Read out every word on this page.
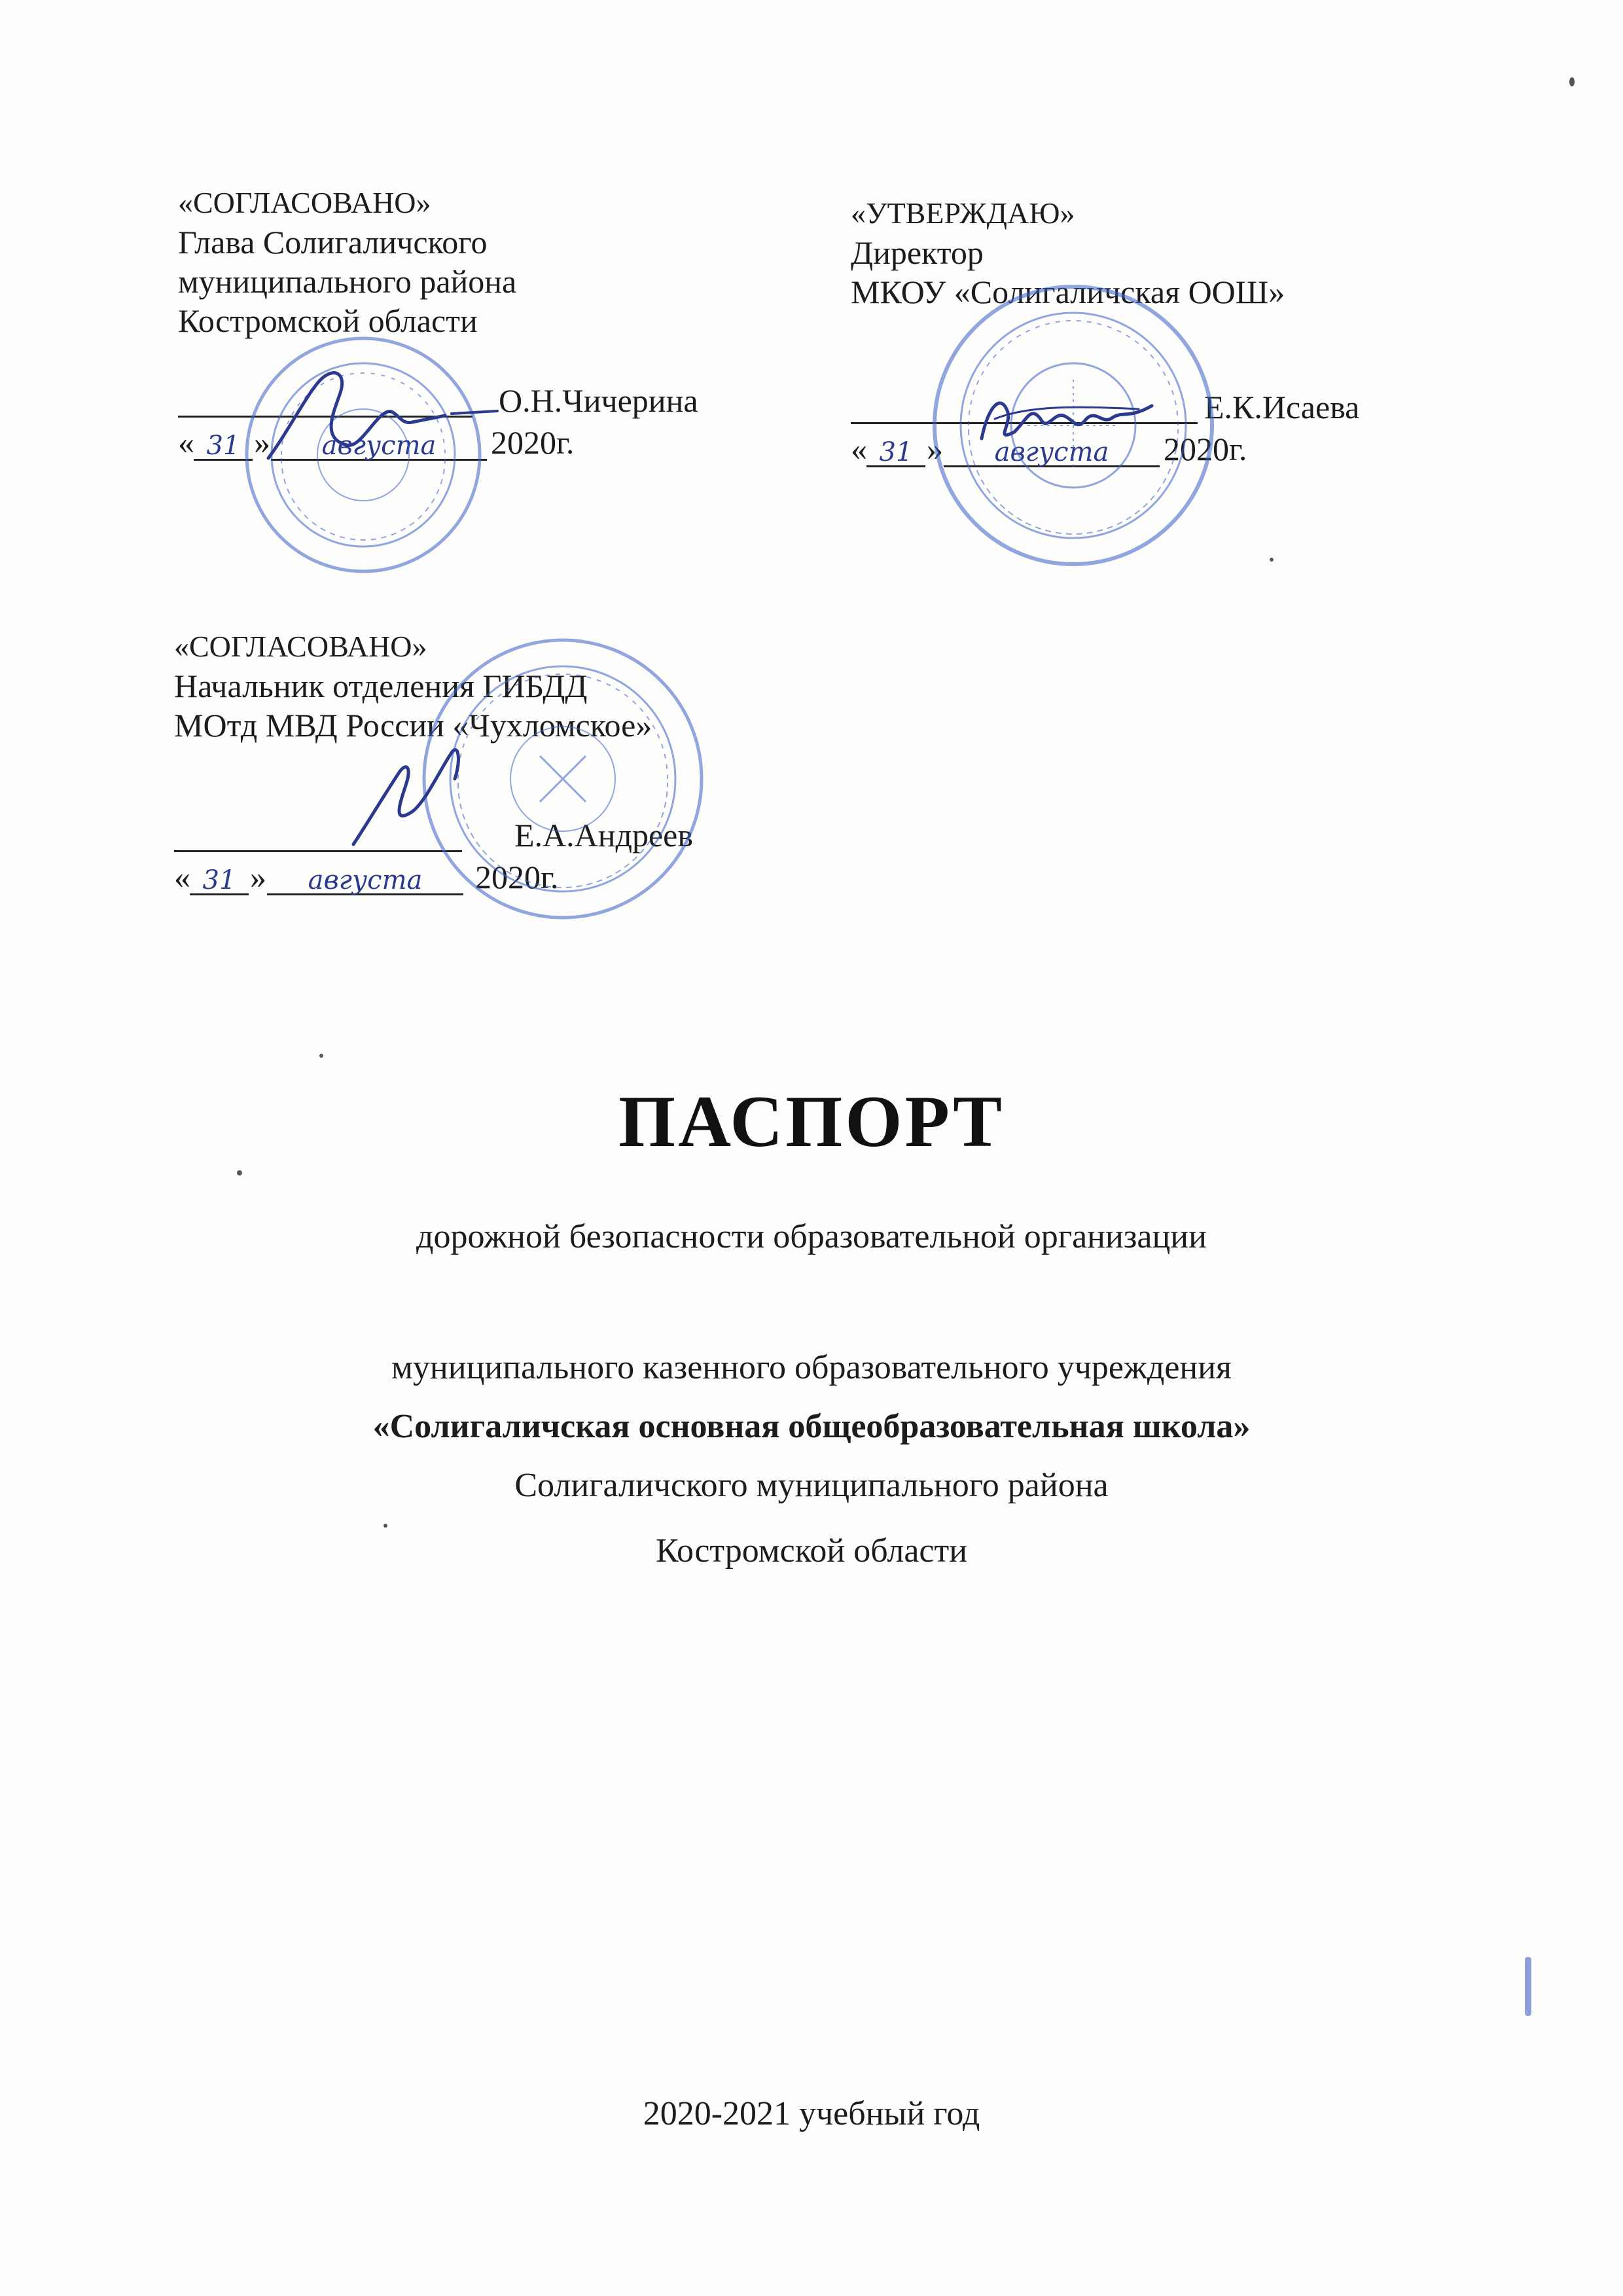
«СОГЛАСОВАНО»
Глава Солигаличского
муниципального района
Костромской области
О.Н.Чичерина
« 31 »	августа	2020г.
«УТВЕРЖДАЮ»
Директор
МКОУ «Солигаличская ООШ»
Е.К.Исаева
« 31 »	августа	2020г.
«СОГЛАСОВАНО»
Начальник отделения ГИБДД
МОтд МВД России «Чухломское»
Е.А.Андреев
« 31 »	августа	2020г.
ПАСПОРТ
дорожной безопасности образовательной организации
муниципального казенного образовательного учреждения
«Солигаличская основная общеобразовательная школа»
Солигаличского муниципального района
Костромской области
2020-2021 учебный год
